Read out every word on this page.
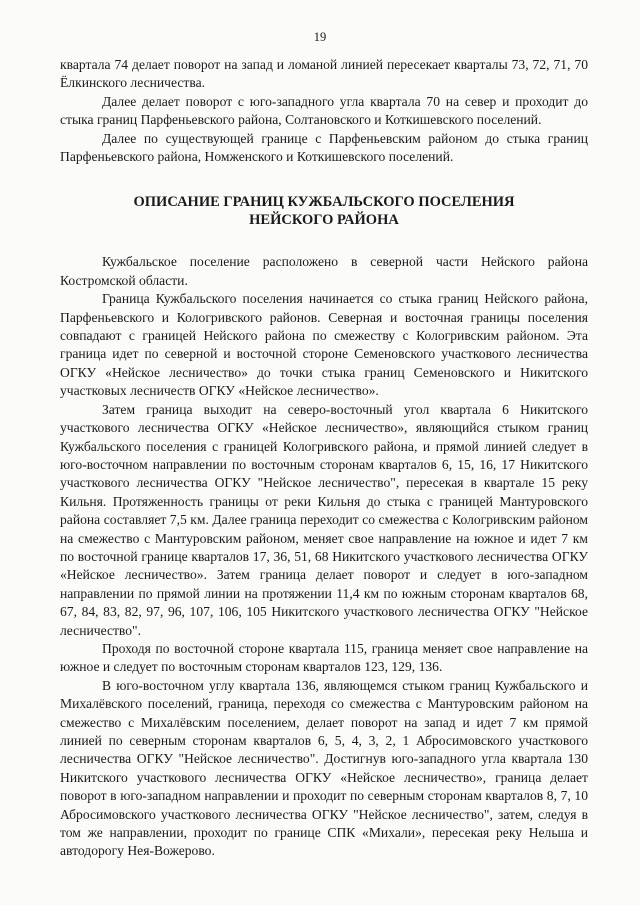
19

квартала 74 делает поворот на запад и ломаной линией пересекает кварталы 73, 72, 71, 70 Ёлкинского лесничества.

Далее делает поворот с юго-западного угла квартала 70 на север и проходит до стыка границ Парфеньевского района, Солтановского и Коткишевского поселений.

Далее по существующей границе с Парфеньевским районом до стыка границ Парфеньевского района, Номженского и Коткишевского поселений.

ОПИСАНИЕ ГРАНИЦ КУЖБАЛЬСКОГО ПОСЕЛЕНИЯ
НЕЙСКОГО РАЙОНА

Кужбальское поселение расположено в северной части Нейского района Костромской области.

Граница Кужбальского поселения начинается со стыка границ Нейского района, Парфеньевского и Кологривского районов. Северная и восточная границы поселения совпадают с границей Нейского района по смежеству с Кологривским районом. Эта граница идет по северной и восточной стороне Семеновского участкового лесничества ОГКУ «Нейское лесничество» до точки стыка границ Семеновского и Никитского участковых лесничеств ОГКУ «Нейское лесничество».

Затем граница выходит на северо-восточный угол квартала 6 Никитского участкового лесничества ОГКУ «Нейское лесничество», являющийся стыком границ Кужбальского поселения с границей Кологривского района, и прямой линией следует в юго-восточном направлении по восточным сторонам кварталов 6, 15, 16, 17 Никитского участкового лесничества ОГКУ "Нейское лесничество", пересекая в квартале 15 реку Кильня. Протяженность границы от реки Кильня до стыка с границей Мантуровского района составляет 7,5 км. Далее граница переходит со смежества с Кологривским районом на смежество с Мантуровским районом, меняет свое направление на южное и идет 7 км по восточной границе кварталов 17, 36, 51, 68 Никитского участкового лесничества ОГКУ «Нейское лесничество». Затем граница делает поворот и следует в юго-западном направлении по прямой линии на протяжении 11,4 км по южным сторонам кварталов 68, 67, 84, 83, 82, 97, 96, 107, 106, 105 Никитского участкового лесничества ОГКУ "Нейское лесничество".

Проходя по восточной стороне квартала 115, граница меняет свое направление на южное и следует по восточным сторонам кварталов 123, 129, 136.

В юго-восточном углу квартала 136, являющемся стыком границ Кужбальского и Михалёвского поселений, граница, переходя со смежества с Мантуровским районом на смежество с Михалёвским поселением, делает поворот на запад и идет 7 км прямой линией по северным сторонам кварталов 6, 5, 4, 3, 2, 1 Абросимовского участкового лесничества ОГКУ "Нейское лесничество". Достигнув юго-западного угла квартала 130 Никитского участкового лесничества ОГКУ «Нейское лесничество», граница делает поворот в юго-западном направлении и проходит по северным сторонам кварталов 8, 7, 10 Абросимовского участкового лесничества ОГКУ "Нейское лесничество", затем, следуя в том же направлении, проходит по границе СПК «Михали», пересекая реку Нельша и автодорогу Нея-Вожерово.
